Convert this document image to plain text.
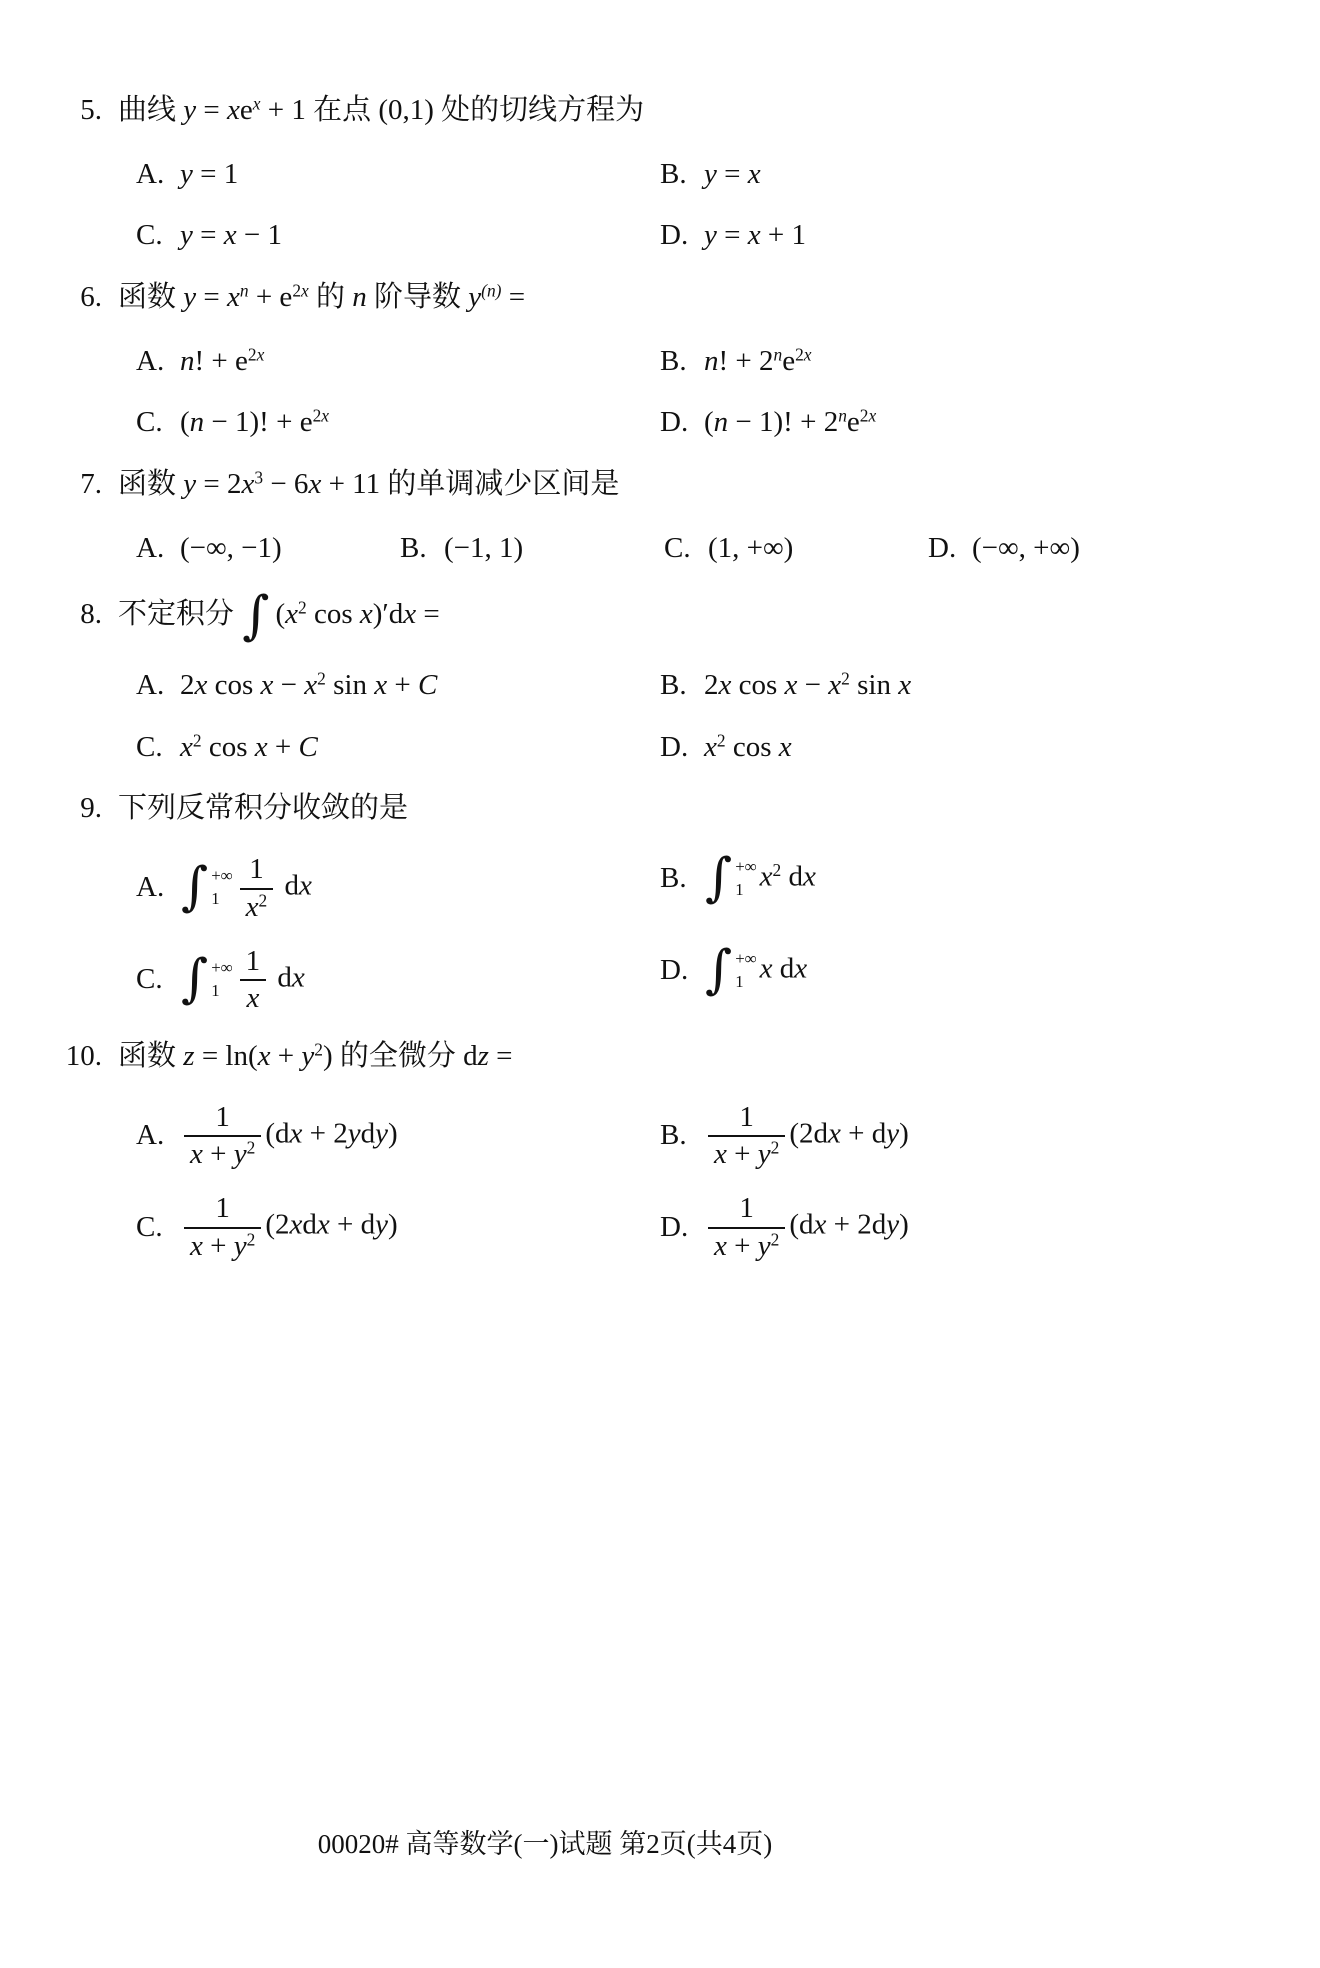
5. 曲线 $y = xe^x + 1$ 在点 (0,1) 处的切线方程为
A. y = 1	B. y = x
C. y = x − 1	D. y = x + 1
6. 函数 $y = x^n + e^{2x}$ 的 n 阶导数 $y^{(n)}$ =
A. n! + $e^{2x}$	B. n! + $2^ne^{2x}$
C. (n − 1)! + $e^{2x}$	D. (n − 1)! + $2^ne^{2x}$
7. 函数 $y = 2x^3 - 6x + 11$ 的单调减少区间是
A. (−∞, −1)	B. (−1, 1)	C. (1, +∞)	D. (−∞, +∞)
8. 不定积分 ∫ ($x^2$ cos x)′dx =
A. 2x $\cos x - x^2$ sin x + C	B. 2x $\cos x - x^2$ sin x
C. $x^2$ cos x + C	D. $x^2$ cos x
9. 下列反常积分收敛的是
A. ∫ +∞
$1 \frac{1}{x^2}$ dx	B. ∫ +∞
1 $x^2$ dx
C. ∫ +∞
$1 \frac{1}{x}$ dx	D. ∫ +∞
1 x dx
10. 函数 $z = \ln(x + y^2)$ 的全微分 dz =
A. $\frac{1}{x + y^2} (dx + 2ydy)$	B. $\frac{1}{x + y^2} (2dx + dy)$
C. $\frac{1}{x + y^2} (2xdx + dy)$	D. $\frac{1}{x + y^2} (dx + 2dy)$
00020# 高等数学(一)试题 第2页(共4页)
